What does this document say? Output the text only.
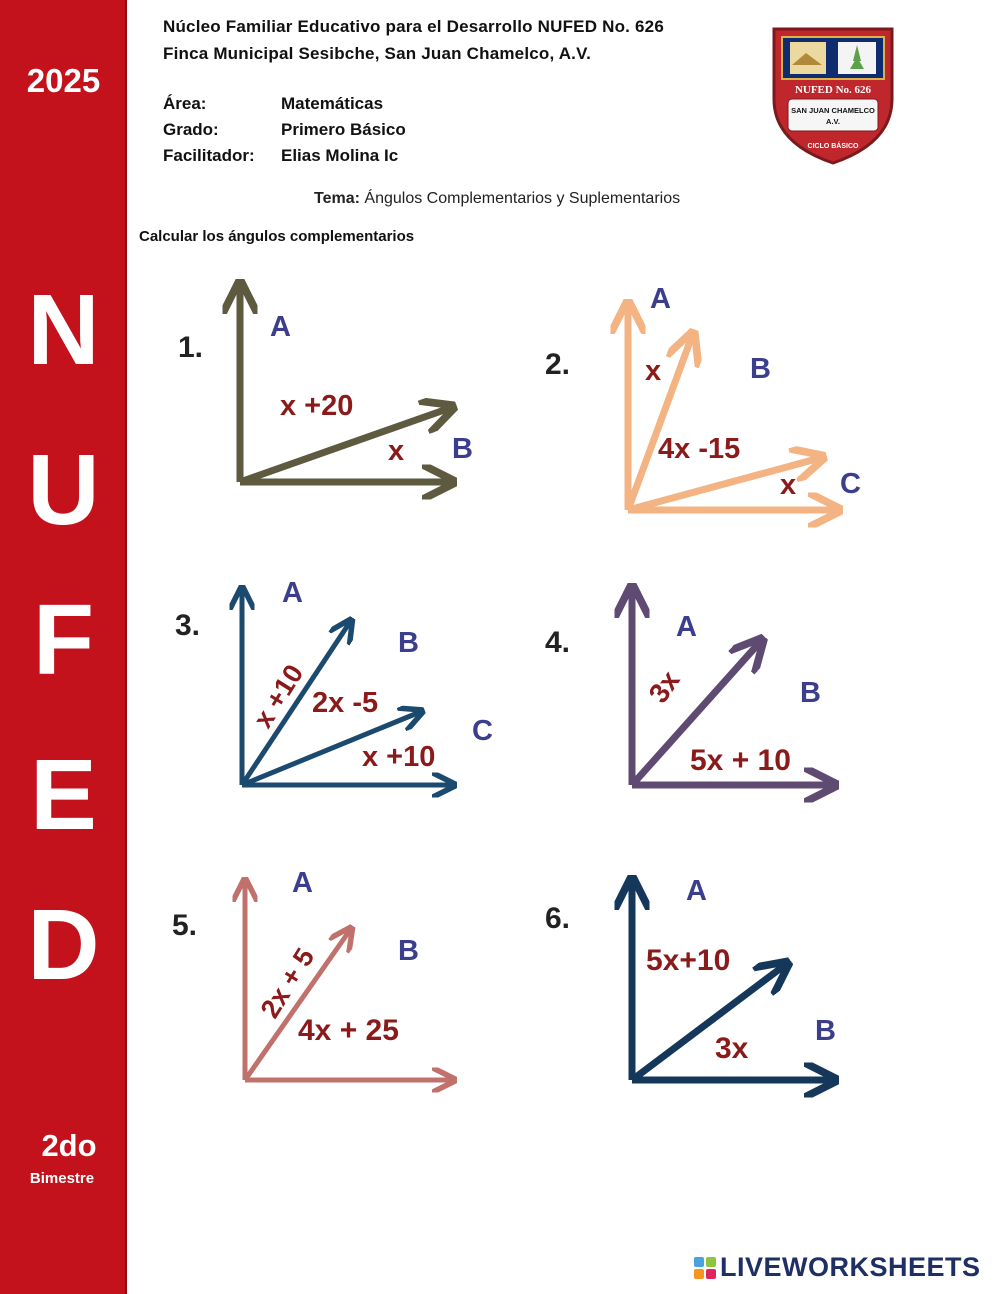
2025
N
U
F
E
D
2do
Bimestre
Núcleo Familiar Educativo para el Desarrollo NUFED No. 626
Finca Municipal Sesibche, San Juan Chamelco, A.V.
Área:	Matemáticas
Grado:	Primero Básico
Facilitador: Elias Molina Ic
NUFED No. 626
SAN JUAN CHAMELCO
A.V.
CICLO BÁSICO
Tema: Ángulos Complementarios y Suplementarios
Calcular los ángulos complementarios
1.
A
B
x +20
x
2.
A
B
C
x
4x -15
x
3.
A
B
C
x +10 2x -5
x +10
4.	A
B
3x
5x + 10
5.
A
B
2x + 5
4x + 25
6.
A
B
5x+10
3x
LIVEWORKSHEETS
